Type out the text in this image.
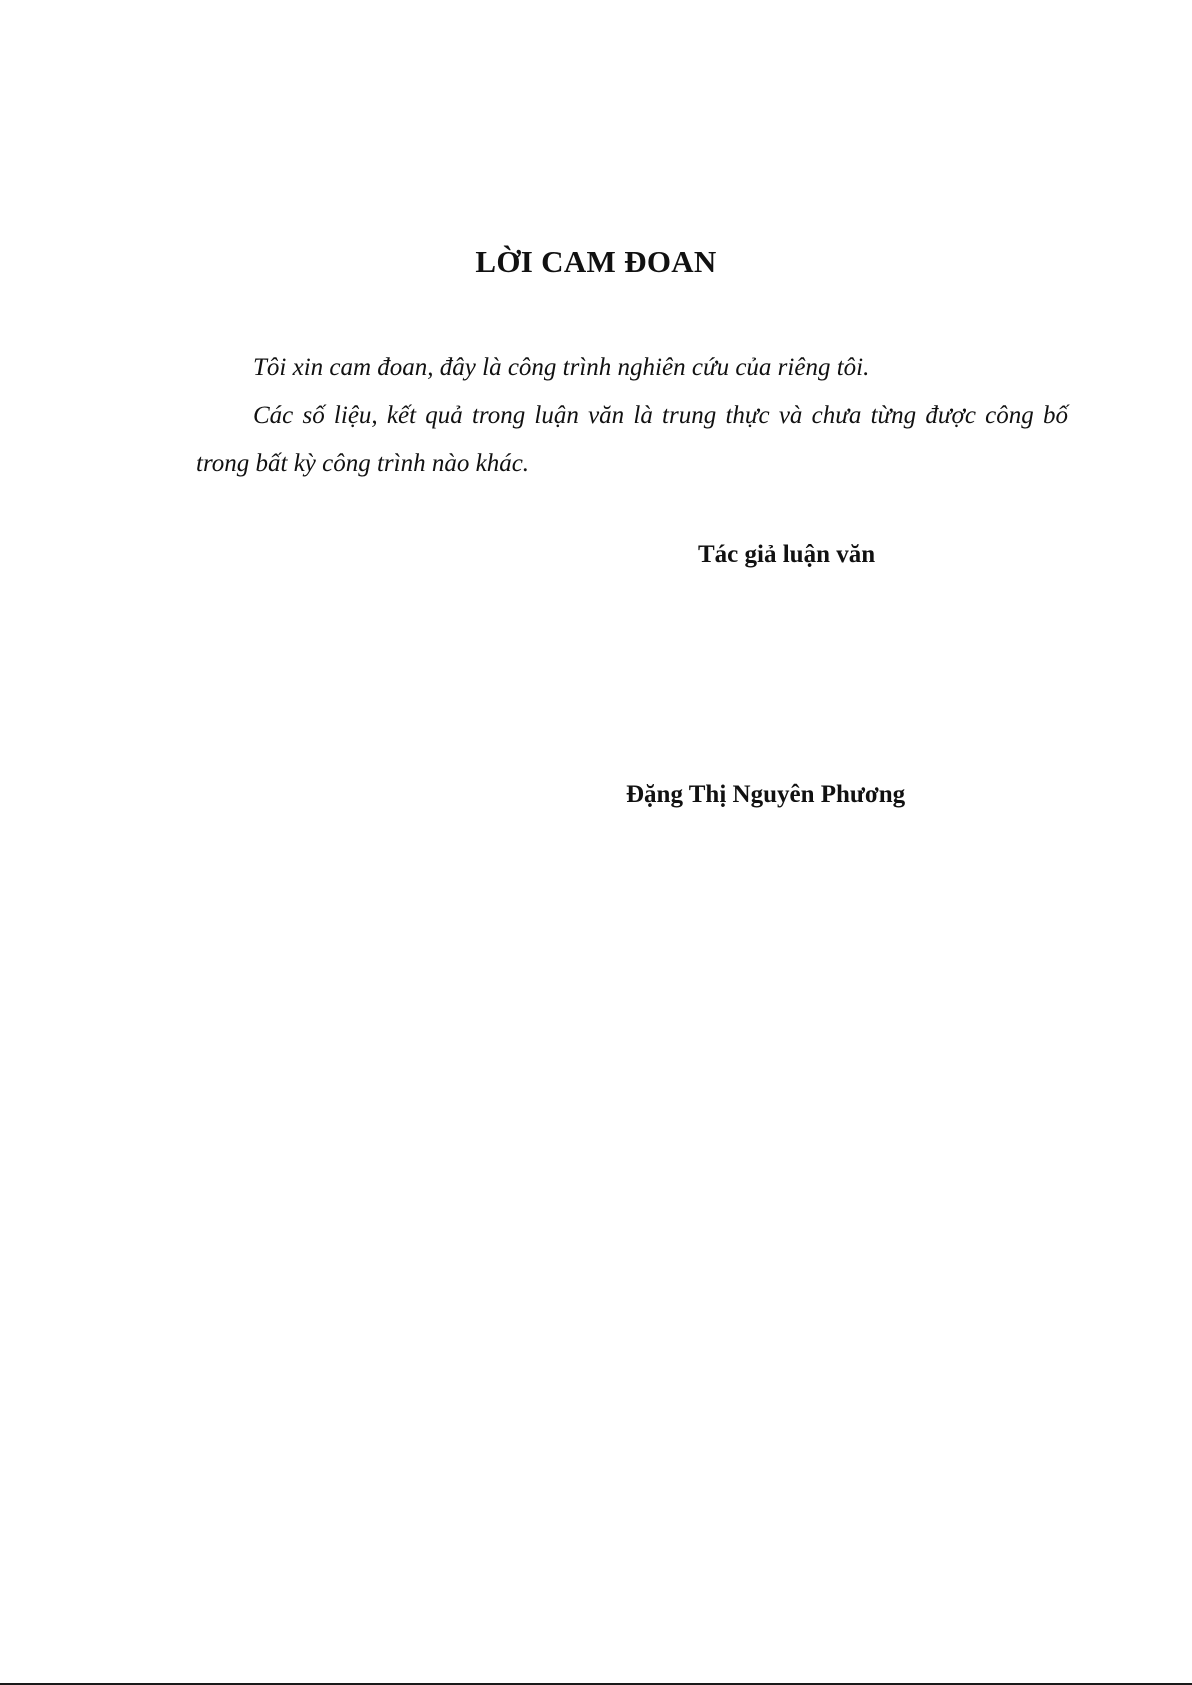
LỜI CAM ĐOAN

Tôi xin cam đoan, đây là công trình nghiên cứu của riêng tôi.

Các số liệu, kết quả trong luận văn là trung thực và chưa từng được công bố trong bất kỳ công trình nào khác.

Tác giả luận văn

Đặng Thị Nguyên Phương
